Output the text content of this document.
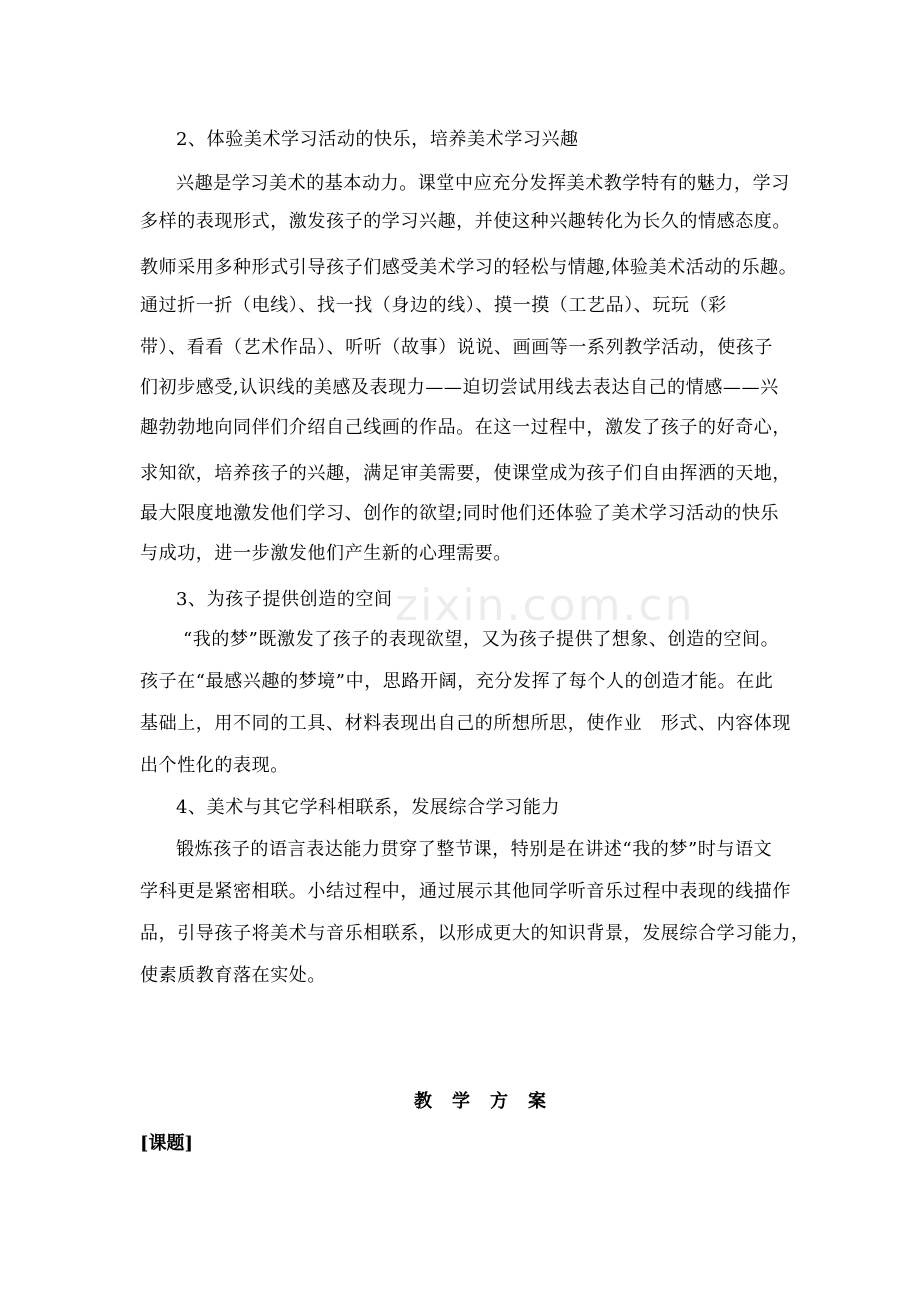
zixin.com.cn
2、体验美术学习活动的快乐，培养美术学习兴趣
兴趣是学习美术的基本动力。课堂中应充分发挥美术教学特有的魅力，学习
多样的表现形式，激发孩子的学习兴趣，并使这种兴趣转化为长久的情感态度。
教师采用多种形式引导孩子们感受美术学习的轻松与情趣,体验美术活动的乐趣。
通过折一折（电线）、找一找（身边的线）、摸一摸（工艺品）、玩玩（彩
带）、看看（艺术作品）、听听（故事）说说、画画等一系列教学活动，使孩子
们初步感受,认识线的美感及表现力——迫切尝试用线去表达自己的情感——兴
趣勃勃地向同伴们介绍自己线画的作品。在这一过程中，激发了孩子的好奇心，
求知欲，培养孩子的兴趣，满足审美需要，使课堂成为孩子们自由挥洒的天地，
最大限度地激发他们学习、创作的欲望;同时他们还体验了美术学习活动的快乐
与成功，进一步激发他们产生新的心理需要。
3、为孩子提供创造的空间
“我的梦”既激发了孩子的表现欲望，又为孩子提供了想象、创造的空间。
孩子在“最感兴趣的梦境”中，思路开阔，充分发挥了每个人的创造才能。在此
基础上，用不同的工具、材料表现出自己的所想所思，使作业　形式、内容体现
出个性化的表现。
4、美术与其它学科相联系，发展综合学习能力
锻炼孩子的语言表达能力贯穿了整节课，特别是在讲述“我的梦”时与语文
学科更是紧密相联。小结过程中，通过展示其他同学听音乐过程中表现的线描作
品，引导孩子将美术与音乐相联系，以形成更大的知识背景，发展综合学习能力，
使素质教育落在实处。
教学方案
[课题]
